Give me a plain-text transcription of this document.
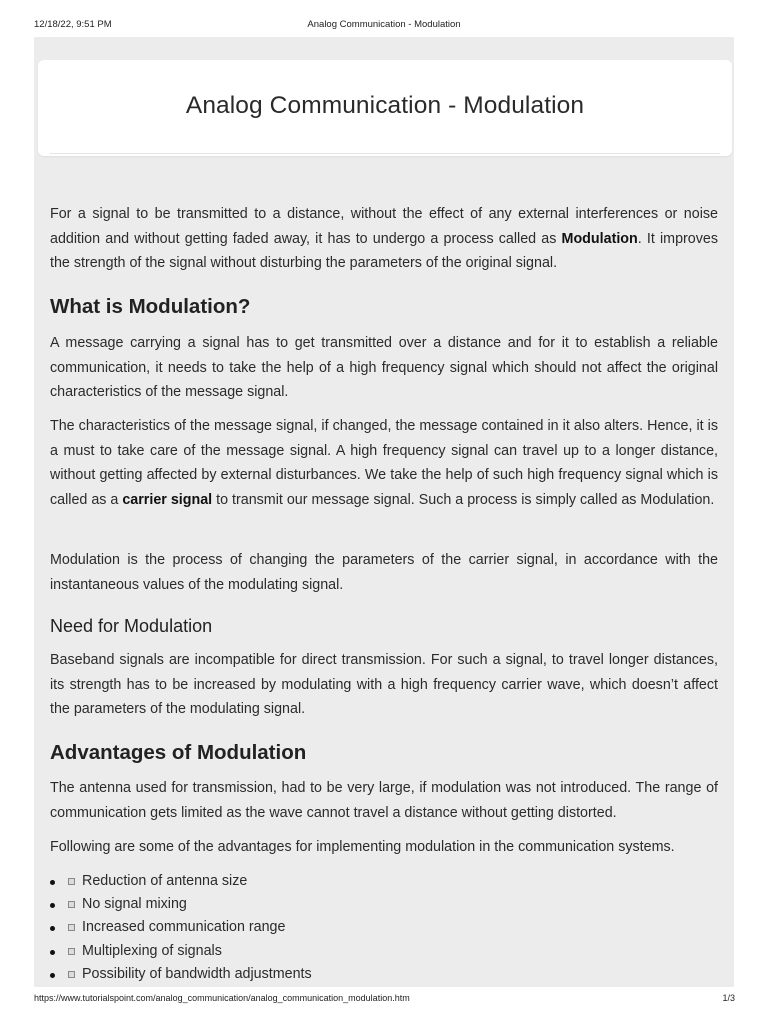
12/18/22, 9:51 PM	Analog Communication - Modulation
Analog Communication - Modulation

For a signal to be transmitted to a distance, without the effect of any external interferences or noise addition and without getting faded away, it has to undergo a process called as Modulation. It improves the strength of the signal without disturbing the parameters of the original signal.

What is Modulation?

A message carrying a signal has to get transmitted over a distance and for it to establish a reliable communication, it needs to take the help of a high frequency signal which should not affect the original characteristics of the message signal.

The characteristics of the message signal, if changed, the message contained in it also alters. Hence, it is a must to take care of the message signal. A high frequency signal can travel up to a longer distance, without getting affected by external disturbances. We take the help of such high frequency signal which is called as a carrier signal to transmit our message signal. Such a process is simply called as Modulation.

Modulation is the process of changing the parameters of the carrier signal, in accordance with the instantaneous values of the modulating signal.

Need for Modulation

Baseband signals are incompatible for direct transmission. For such a signal, to travel longer distances, its strength has to be increased by modulating with a high frequency carrier wave, which doesn’t affect the parameters of the modulating signal.

Advantages of Modulation

The antenna used for transmission, had to be very large, if modulation was not introduced. The range of communication gets limited as the wave cannot travel a distance without getting distorted.

Following are some of the advantages for implementing modulation in the communication systems.

Reduction of antenna size
No signal mixing
Increased communication range
Multiplexing of signals
Possibility of bandwidth adjustments
https://www.tutorialspoint.com/analog_communication/analog_communication_modulation.htm	1/3
